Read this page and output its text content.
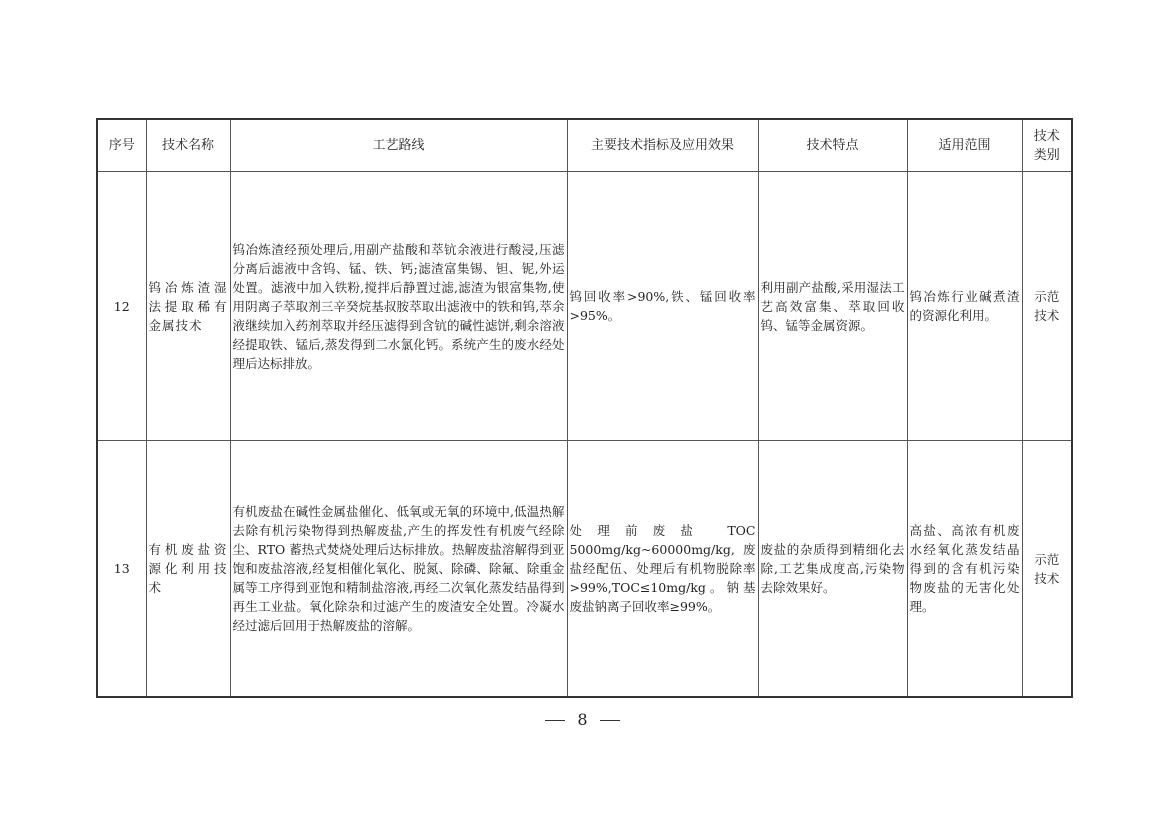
序号	技术名称	工艺路线	主要技术指标及应用效果	技术特点	适用范围	技术类别
12	钨冶炼渣湿法提取稀有金属技术	钨冶炼渣经预处理后,用副产盐酸和萃钪余液进行酸浸,压滤分离后滤液中含钨、锰、铁、钙;滤渣富集锡、钽、铌,外运处置。滤液中加入铁粉,搅拌后静置过滤,滤渣为银富集物,使用阴离子萃取剂三辛癸烷基叔胺萃取出滤液中的铁和钨,萃余液继续加入药剂萃取并经压滤得到含钪的碱性滤饼,剩余溶液经提取铁、锰后,蒸发得到二水氯化钙。系统产生的废水经处理后达标排放。	钨回收率>90%,铁、锰回收率>95%。	利用副产盐酸,采用湿法工艺高效富集、萃取回收钨、锰等金属资源。	钨冶炼行业碱煮渣的资源化利用。	示范技术
13	有机废盐资源化利用技术	有机废盐在碱性金属盐催化、低氧或无氧的环境中,低温热解去除有机污染物得到热解废盐,产生的挥发性有机废气经除尘、RTO 蓄热式焚烧处理后达标排放。热解废盐溶解得到亚饱和废盐溶液,经复相催化氧化、脱氮、除磷、除氟、除重金属等工序得到亚饱和精制盐溶液,再经二次氧化蒸发结晶得到再生工业盐。氧化除杂和过滤产生的废渣安全处置。冷凝水经过滤后回用于热解废盐的溶解。	处理前废盐 TOC 5000mg/kg~60000mg/kg,废盐经配伍、处理后有机物脱除率>99%,TOC≤10mg/kg。钠基废盐钠离子回收率≥99%。	废盐的杂质得到精细化去除,工艺集成度高,污染物去除效果好。	高盐、高浓有机废水经氧化蒸发结晶得到的含有机污染物废盐的无害化处理。	示范技术
8
